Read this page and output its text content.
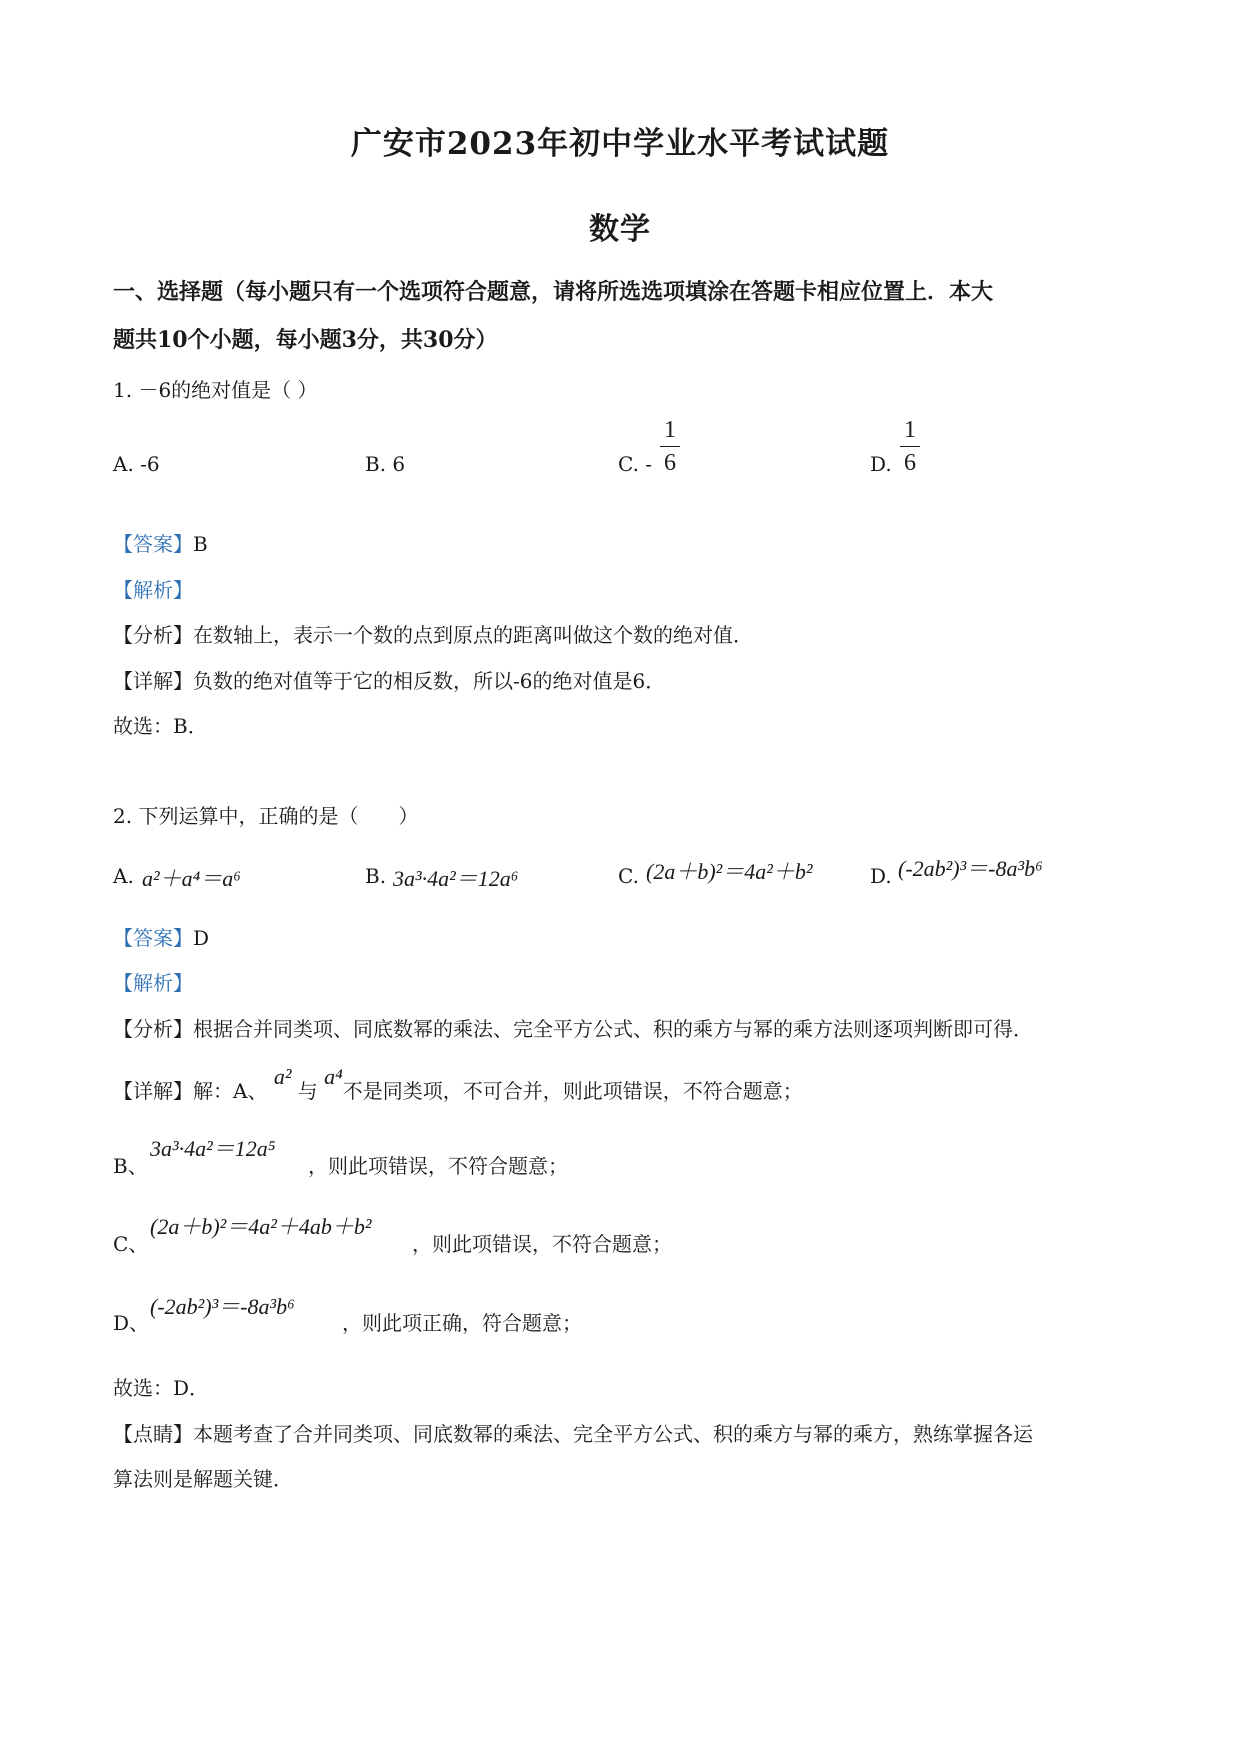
广安市2023年初中学业水平考试试题
数学
一、选择题（每小题只有一个选项符合题意，请将所选选项填涂在答题卡相应位置上．本大
题共10个小题，每小题3分，共30分）
1. －6的绝对值是（ ）
A. -6	B. 6	C. -
1
6	D.
1
6
【答案】B
【解析】
【分析】在数轴上，表示一个数的点到原点的距离叫做这个数的绝对值．
【详解】负数的绝对值等于它的相反数，所以-6的绝对值是6．
故选：B．
2. 下列运算中，正确的是（　　）
A. a²＋a⁴＝a⁶	B. 3a³·4a²＝12a⁶	C. (2a＋b)²＝4a²＋b²	D. (-2ab²)³＝-8a³b⁶
【答案】D
【解析】
【分析】根据合并同类项、同底数幂的乘法、完全平方公式、积的乘方与幂的乘方法则逐项判断即可得．
【详解】解：A、 a² 与 a⁴不是同类项，不可合并，则此项错误，不符合题意；
B、
3a³·4a²＝12a⁵
，则此项错误，不符合题意；
C、
(2a＋b)²＝4a²＋4ab＋b²
，则此项错误，不符合题意；
D、
(-2ab²)³＝-8a³b⁶
，则此项正确，符合题意；
故选：D．
【点睛】本题考查了合并同类项、同底数幂的乘法、完全平方公式、积的乘方与幂的乘方，熟练掌握各运
算法则是解题关键．
